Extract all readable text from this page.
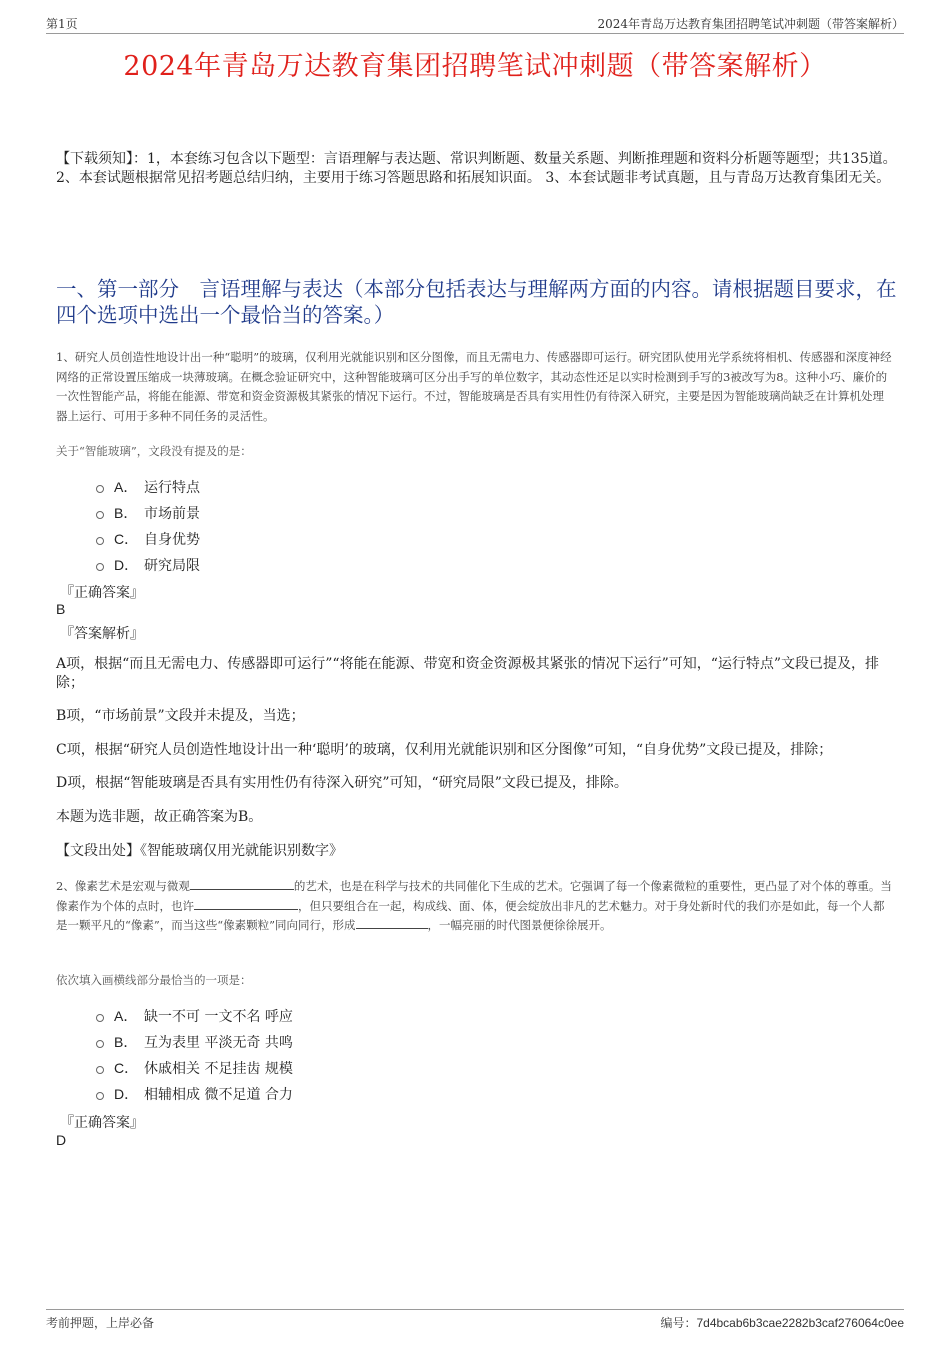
第1页	2024年青岛万达教育集团招聘笔试冲刺题（带答案解析）
2024年青岛万达教育集团招聘笔试冲刺题（带答案解析）
【下载须知】：1，本套练习包含以下题型：言语理解与表达题、常识判断题、数量关系题、判断推理题和资料分析题等题型；共135道。 2、本套试题根据常见招考题总结归纳，主要用于练习答题思路和拓展知识面。 3、本套试题非考试真题，且与青岛万达教育集团无关。
一、第一部分　言语理解与表达（本部分包括表达与理解两方面的内容。请根据题目要求，在四个选项中选出一个最恰当的答案。）
1、研究人员创造性地设计出一种“聪明”的玻璃，仅利用光就能识别和区分图像，而且无需电力、传感器即可运行。研究团队使用光学系统将相机、传感器和深度神经网络的正常设置压缩成一块薄玻璃。在概念验证研究中，这种智能玻璃可区分出手写的单位数字，其动态性还足以实时检测到手写的3被改写为8。这种小巧、廉价的一次性智能产品，将能在能源、带宽和资金资源极其紧张的情况下运行。不过，智能玻璃是否具有实用性仍有待深入研究，主要是因为智能玻璃尚缺乏在计算机处理器上运行、可用于多种不同任务的灵活性。
关于“智能玻璃”，文段没有提及的是：
A． 运行特点
B． 市场前景
C． 自身优势
D． 研究局限
『正确答案』
B
『答案解析』
A项，根据“而且无需电力、传感器即可运行”“将能在能源、带宽和资金资源极其紧张的情况下运行”可知，“运行特点”文段已提及，排除；
B项，“市场前景”文段并未提及，当选；
C项，根据“研究人员创造性地设计出一种‘聪明’的玻璃，仅利用光就能识别和区分图像”可知，“自身优势”文段已提及，排除；
D项，根据“智能玻璃是否具有实用性仍有待深入研究”可知，“研究局限”文段已提及，排除。
本题为选非题，故正确答案为B。
【文段出处】《智能玻璃仅用光就能识别数字》
2、像素艺术是宏观与微观	的艺术，也是在科学与技术的共同催化下生成的艺术。它强调了每一个像素微粒的重要性，更凸显了对个体的尊重。当像素作为个体的点时，也许	，但只要组合在一起，构成线、面、体，便会绽放出非凡的艺术魅力。对于身处新时代的我们亦是如此，每一个人都是一颗平凡的“像素”，而当这些“像素颗粒”同向同行，形成	，一幅亮丽的时代图景便徐徐展开。
依次填入画横线部分最恰当的一项是：
A． 缺一不可 一文不名 呼应
B． 互为表里 平淡无奇 共鸣
C． 休戚相关 不足挂齿 规模
D． 相辅相成 微不足道 合力
『正确答案』
D
考前押题，上岸必备	编号：7d4bcab6b3cae2282b3caf276064c0ee
